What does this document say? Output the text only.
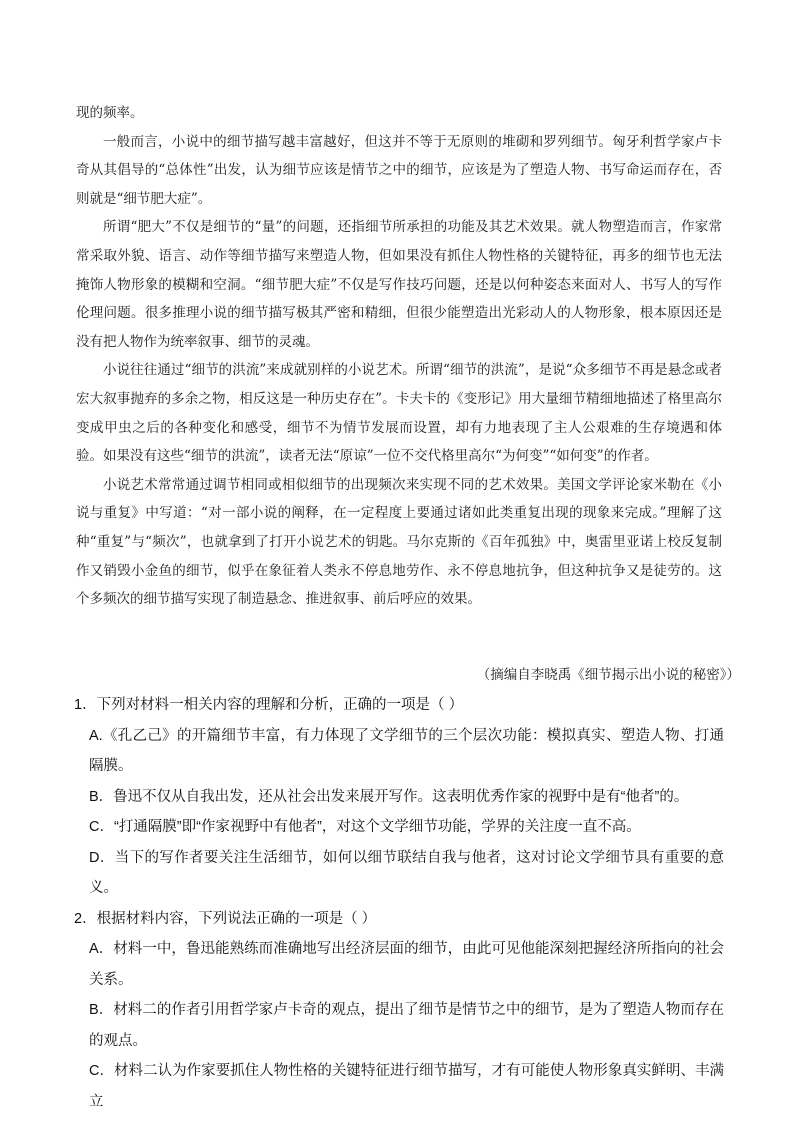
现的频率。

一般而言，小说中的细节描写越丰富越好，但这并不等于无原则的堆砌和罗列细节。匈牙利哲学家卢卡奇从其倡导的“总体性”出发，认为细节应该是情节之中的细节，应该是为了塑造人物、书写命运而存在，否则就是“细节肥大症”。

所谓“肥大”不仅是细节的“量”的问题，还指细节所承担的功能及其艺术效果。就人物塑造而言，作家常常采取外貌、语言、动作等细节描写来塑造人物，但如果没有抓住人物性格的关键特征，再多的细节也无法掩饰人物形象的模糊和空洞。“细节肥大症”不仅是写作技巧问题，还是以何种姿态来面对人、书写人的写作伦理问题。很多推理小说的细节描写极其严密和精细，但很少能塑造出光彩动人的人物形象，根本原因还是没有把人物作为统率叙事、细节的灵魂。

小说往往通过“细节的洪流”来成就别样的小说艺术。所谓“细节的洪流”，是说“众多细节不再是悬念或者宏大叙事抛弃的多余之物，相反这是一种历史存在”。卡夫卡的《变形记》用大量细节精细地描述了格里高尔变成甲虫之后的各种变化和感受，细节不为情节发展而设置，却有力地表现了主人公艰难的生存境遇和体验。如果没有这些“细节的洪流”，读者无法“原谅”一位不交代格里高尔“为何变”“如何变”的作者。

小说艺术常常通过调节相同或相似细节的出现频次来实现不同的艺术效果。美国文学评论家米勒在《小说与重复》中写道：“对一部小说的阐释，在一定程度上要通过诸如此类重复出现的现象来完成。”理解了这种“重复”与“频次”，也就拿到了打开小说艺术的钥匙。马尔克斯的《百年孤独》中，奥雷里亚诺上校反复制作又销毁小金鱼的细节，似乎在象征着人类永不停息地劳作、永不停息地抗争，但这种抗争又是徒劳的。这个多频次的细节描写实现了制造悬念、推进叙事、前后呼应的效果。

（摘编自李晓禹《细节揭示出小说的秘密》）

1．下列对材料一相关内容的理解和分析，正确的一项是（ ）

A.《孔乙己》的开篇细节丰富，有力体现了文学细节的三个层次功能：模拟真实、塑造人物、打通隔膜。

B．鲁迅不仅从自我出发，还从社会出发来展开写作。这表明优秀作家的视野中是有“他者”的。

C．“打通隔膜”即“作家视野中有他者”，对这个文学细节功能，学界的关注度一直不高。

D．当下的写作者要关注生活细节，如何以细节联结自我与他者，这对讨论文学细节具有重要的意义。

2．根据材料内容，下列说法正确的一项是（ ）

A．材料一中，鲁迅能熟练而准确地写出经济层面的细节，由此可见他能深刻把握经济所指向的社会关系。

B．材料二的作者引用哲学家卢卡奇的观点，提出了细节是情节之中的细节，是为了塑造人物而存在的观点。

C．材料二认为作家要抓住人物性格的关键特征进行细节描写，才有可能使人物形象真实鲜明、丰满立
